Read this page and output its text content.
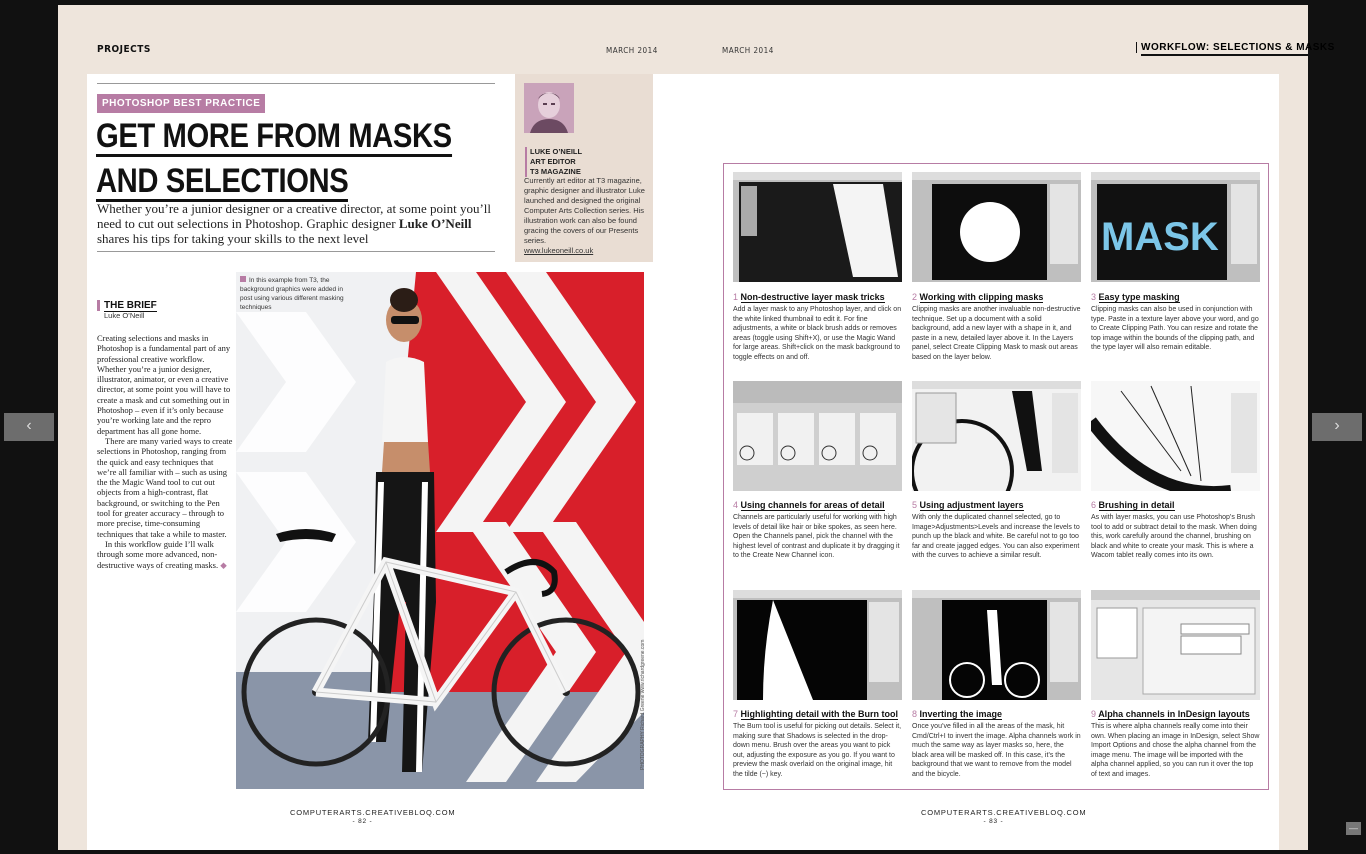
PROJECTS	MARCH 2014	MARCH 2014	WORKFLOW: SELECTIONS & MASKS
PHOTOSHOP BEST PRACTICE
GET MORE FROM MASKS
AND SELECTIONS
Whether you’re a junior designer or a creative director, at some point you’ll need to cut out selections in Photoshop. Graphic designer Luke O’Neill shares his tips for taking your skills to the next level
LUKE O’NEILL
ART EDITOR
T3 MAGAZINE
Currently art editor at T3 magazine, graphic designer and illustrator Luke launched and designed the original Computer Arts Collection series. His illustration work can also be found gracing the covers of our Presents series.
www.lukeoneill.co.uk
THE BRIEF
Luke O’Neill

Creating selections and masks in Photoshop is a fundamental part of any professional creative workflow. Whether you’re a junior designer, illustrator, animator, or even a creative director, at some point you will have to create a mask and cut something out in Photoshop – even if it’s only because you’re working late and the repro department has all gone home.

There are many varied ways to create selections in Photoshop, ranging from the quick and easy techniques that we’re all familiar with – such as using the the Magic Wand tool to cut out objects from a high-contrast, flat background, or switching to the Pen tool for greater accuracy – through to more precise, time-consuming techniques that take a while to master.

In this workflow guide I’ll walk through some more advanced, non-destructive ways of creating masks. ◆

In this example from T3, the background graphics were added in post using various different masking techniques
PHOTOGRAPHY Richard Greene www.richardgreene.com
MASK
1 Non-destructive layer mask tricks
Add a layer mask to any Photoshop layer, and click on the white linked thumbnail to edit it. For fine adjustments, a white or black brush adds or removes areas (toggle using Shift+X), or use the Magic Wand for large areas. Shift+click on the mask background to toggle effects on and off.
2 Working with clipping masks
Clipping masks are another invaluable non-destructive technique. Set up a document with a solid background, add a new layer with a shape in it, and paste in a new, detailed layer above it. In the Layers panel, select Create Clipping Mask to mask out areas based on the layer below.
3 Easy type masking
Clipping masks can also be used in conjunction with type. Paste in a texture layer above your word, and go to Create Clipping Path. You can resize and rotate the top image within the bounds of the clipping path, and the type layer will also remain editable.
4 Using channels for areas of detail
Channels are particularly useful for working with high levels of detail like hair or bike spokes, as seen here. Open the Channels panel, pick the channel with the highest level of contrast and duplicate it by dragging it to the Create New Channel icon.
5 Using adjustment layers
With only the duplicated channel selected, go to Image>Adjustments>Levels and increase the levels to punch up the black and white. Be careful not to go too far and create jagged edges. You can also experiment with the curves to achieve a similar result.
6 Brushing in detail
As with layer masks, you can use Photoshop’s Brush tool to add or subtract detail to the mask. When doing this, work carefully around the channel, brushing on black and white to create your mask. This is where a Wacom tablet really comes into its own.
7 Highlighting detail with the Burn tool
The Burn tool is useful for picking out details. Select it, making sure that Shadows is selected in the drop-down menu. Brush over the areas you want to pick out, adjusting the exposure as you go. If you want to preview the mask overlaid on the original image, hit the tilde (~) key.
8 Inverting the image
Once you’ve filled in all the areas of the mask, hit Cmd/Ctrl+I to invert the image. Alpha channels work in much the same way as layer masks so, here, the black area will be masked off. In this case, it’s the background that we want to remove from the model and the bicycle.
9 Alpha channels in InDesign layouts
This is where alpha channels really come into their own. When placing an image in InDesign, select Show Import Options and chose the alpha channel from the image menu. The image will be imported with the alpha channel applied, so you can run it over the top of text and images.
COMPUTERARTS.CREATIVEBLOQ.COM
- 82 -
COMPUTERARTS.CREATIVEBLOQ.COM
- 83 -
‹	›
—
